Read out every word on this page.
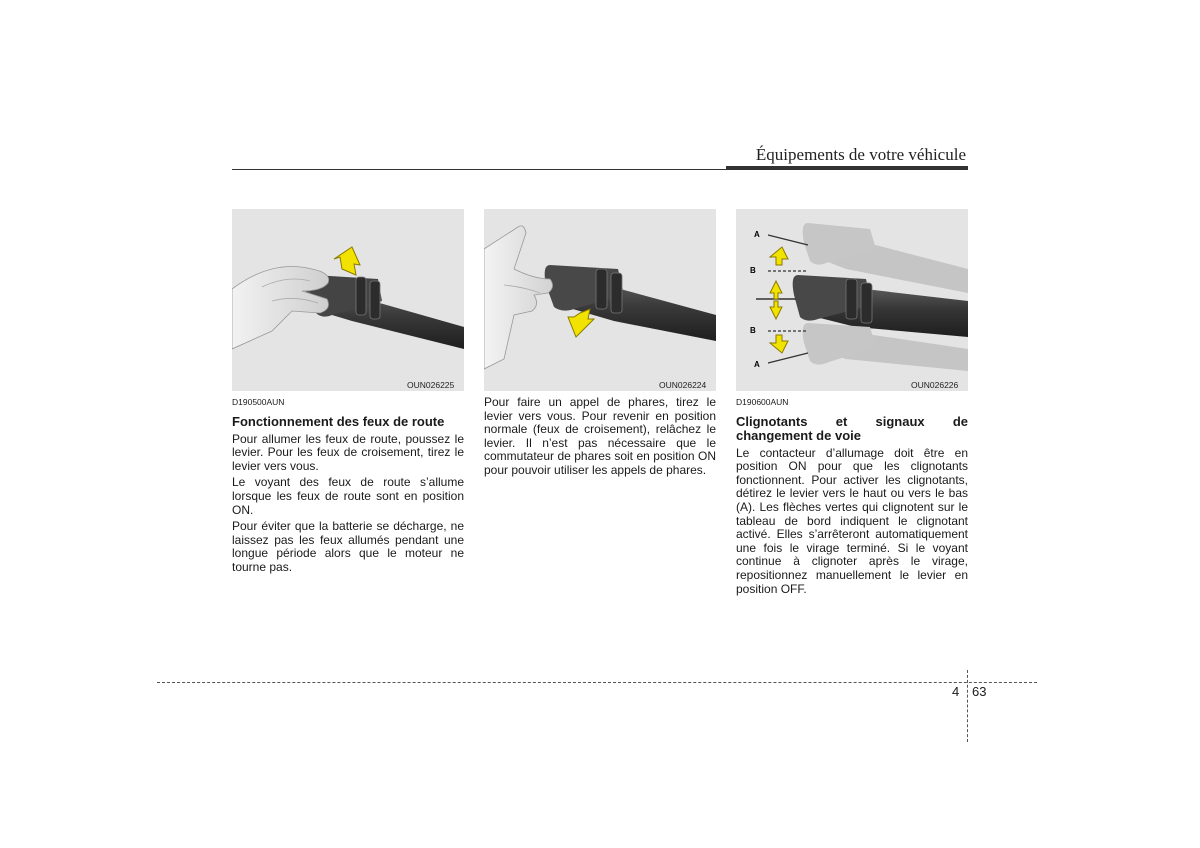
Équipements de votre véhicule
OUN026225	OUN026224
A
B
B
A
OUN026226
D190500AUN
Fonctionnement des feux de route
Pour allumer les feux de route, poussez le levier. Pour les feux de croisement, tirez le levier vers vous.
Le voyant des feux de route s’allume lorsque les feux de route sont en position ON.
Pour éviter que la batterie se décharge, ne laissez pas les feux allumés pendant une longue période alors que le moteur ne tourne pas.
Pour faire un appel de phares, tirez le levier vers vous. Pour revenir en position normale (feux de croisement), relâchez le levier. Il n’est pas nécessaire que le commutateur de phares soit en position ON pour pouvoir utiliser les appels de phares.
D190600AUN
Clignotants et signaux de changement de voie
Le contacteur d’allumage doit être en position ON pour que les clignotants fonctionnent. Pour activer les clignotants, détirez le levier vers le haut ou vers le bas (A). Les flèches vertes qui clignotent sur le tableau de bord indiquent le clignotant activé. Elles s’arrêteront automatiquement une fois le virage terminé. Si le voyant continue à clignoter après le virage, repositionnez manuellement le levier en position OFF.
4 63
